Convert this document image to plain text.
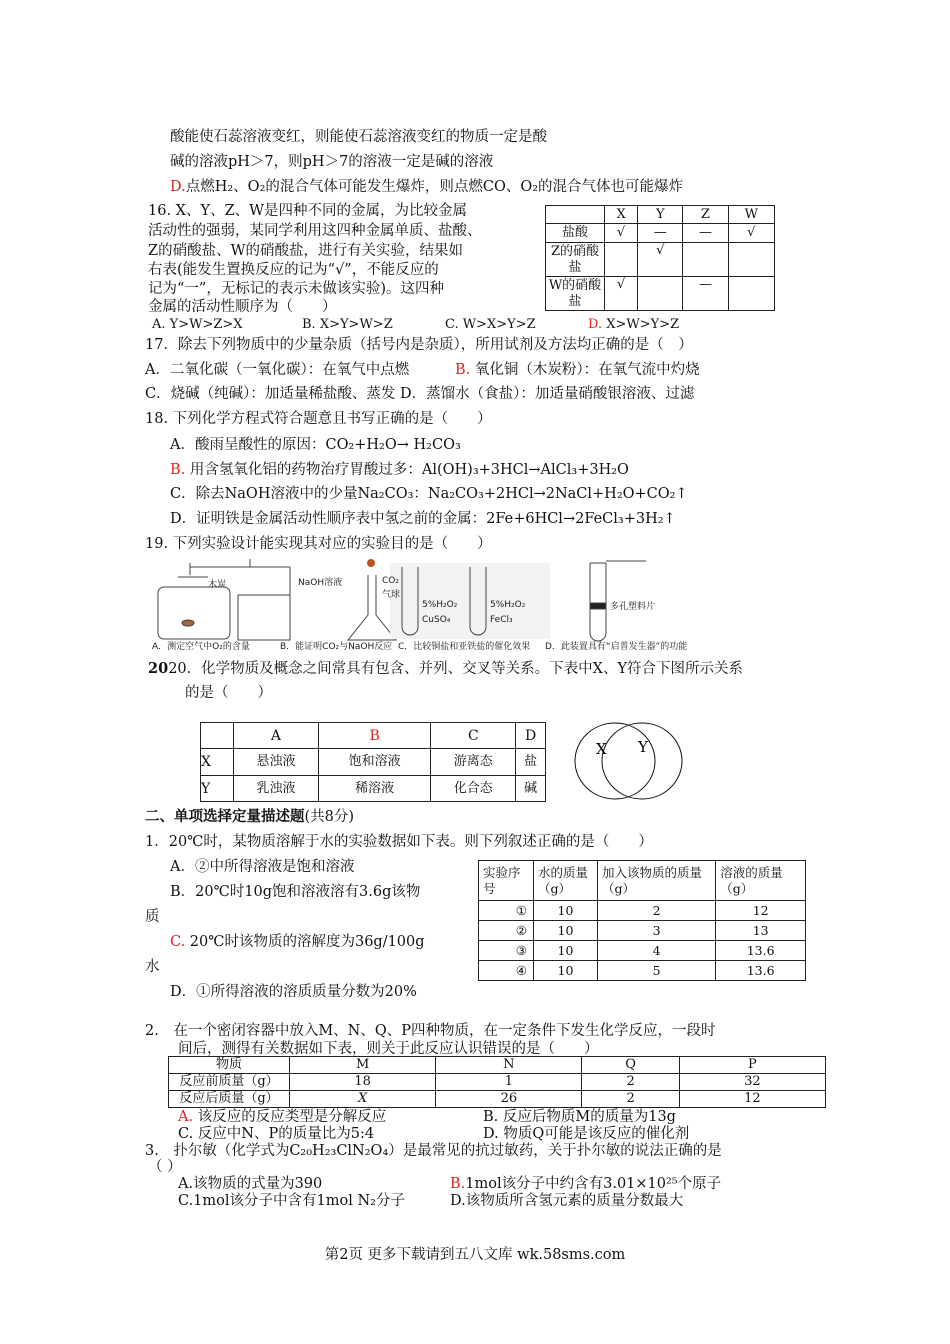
酸能使石蕊溶液变红，则能使石蕊溶液变红的物质一定是酸
碱的溶液pH＞7，则pH＞7的溶液一定是碱的溶液
D.点燃H₂、O₂的混合气体可能发生爆炸，则点燃CO、O₂的混合气体也可能爆炸
16. X、Y、Z、W是四种不同的金属，为比较金属
活动性的强弱，某同学利用这四种金属单质、盐酸、
Z的硝酸盐、W的硝酸盐，进行有关实验，结果如
右表(能发生置换反应的记为“√”，不能反应的
记为“一”，无标记的表示未做该实验)。这四种
金属的活动性顺序为（　　）
A. Y>W>Z>X	B. X>Y>W>Z	C. W>X>Y>Z	D. X>W>Y>Z
	X	Y	Z	W
盐酸	√	—	—	√
Z的硝酸盐		√		
W的硝酸盐	√		—	
17．除去下列物质中的少量杂质（括号内是杂质），所用试剂及方法均正确的是（　）
A．二氧化碳（一氧化碳）：在氧气中点燃	B. 氧化铜（木炭粉）：在氧气流中灼烧
C．烧碱（纯碱）：加适量稀盐酸、蒸发 D．蒸馏水（食盐）：加适量硝酸银溶液、过滤
18. 下列化学方程式符合题意且书写正确的是（　　）
A．酸雨呈酸性的原因：CO₂+H₂O→ H₂CO₃
B. 用含氢氧化铝的药物治疗胃酸过多：Al(OH)₃+3HCl→AlCl₃+3H₂O
C．除去NaOH溶液中的少量Na₂CO₃：Na₂CO₃+2HCl→2NaCl+H₂O+CO₂↑
D．证明铁是金属活动性顺序表中氢之前的金属：2Fe+6HCl→2FeCl₃+3H₂↑
19. 下列实验设计能实现其对应的实验目的是（　　）
木炭	NaOH溶液	CO₂
气球
5%H₂O₂
CuSO₄
5%H₂O₂
FeCl₃
多孔塑料片
A．测定空气中O₂的含量	B．能证明CO₂与NaOH反应 C．比较铜盐和亚铁盐的催化效果 D．此装置具有“启普发生器”的功能
2020．化学物质及概念之间常具有包含、并列、交叉等关系。下表中X、Y符合下图所示关系
的是（　　）
	A	B	C	D
X	悬浊液	饱和溶液	游离态	盐
Y	乳浊液	稀溶液	化合态	碱
X Y
二、单项选择定量描述题(共8分)
1．20℃时，某物质溶解于水的实验数据如下表。则下列叙述正确的是（　　）
A．②中所得溶液是饱和溶液
B．20℃时10g饱和溶液溶有3.6g该物
质
C. 20℃时该物质的溶解度为36g/100g
水
D．①所得溶液的溶质质量分数为20%
实验序号	水的质量（g）	加入该物质的质量（g）	溶液的质量（g）
①	10	2	12
②	10	3	13
③	10	4	13.6
④	10	5	13.6
2.　在一个密闭容器中放入M、N、Q、P四种物质，在一定条件下发生化学反应，一段时
间后，测得有关数据如下表，则关于此反应认识错误的是（　　）
物质	M	N	Q	P
反应前质量（g）	18	1	2	32
反应后质量（g）	X	26	2	12
A. 该反应的反应类型是分解反应	B. 反应后物质M的质量为13g
C. 反应中N、P的质量比为5:4	D. 物质Q可能是该反应的催化剂
3.　扑尔敏（化学式为C₂₀H₂₃ClN₂O₄）是最常见的抗过敏药，关于扑尔敏的说法正确的是
（ ）
A.该物质的式量为390	B.1mol该分子中约含有3.01×10²⁵个原子
C.1mol该分子中含有1mol N₂分子	D.该物质所含氢元素的质量分数最大
第2页 更多下载请到五八文库 wk.58sms.com
